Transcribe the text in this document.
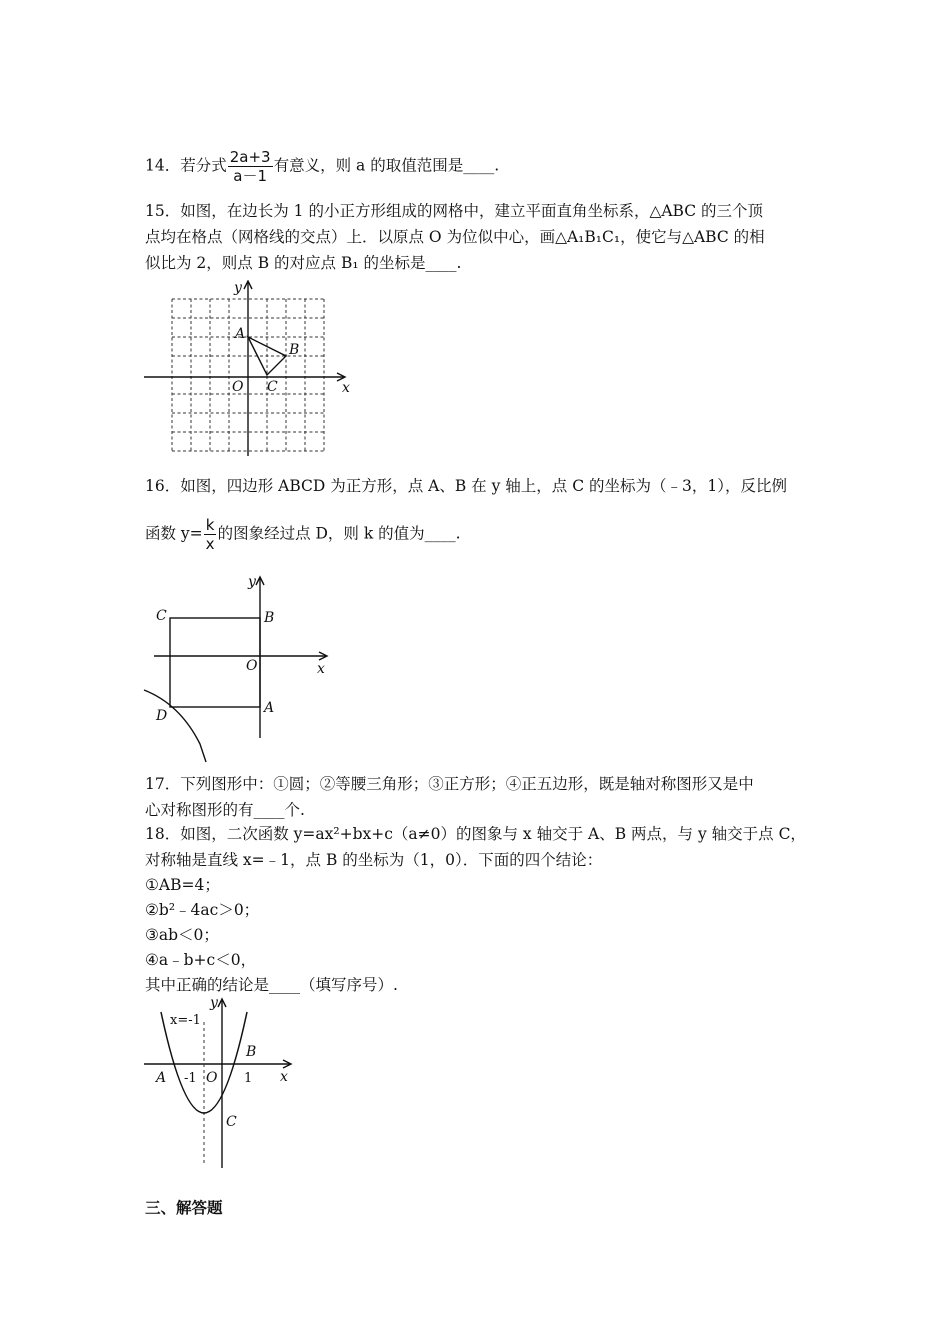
14．若分式 $\frac{2a+3}{a-1}$ 有意义，则 a 的取值范围是____.
15．如图，在边长为 1 的小正方形组成的网格中，建立平面直角坐标系，△ABC 的三个顶
点均在格点（网格线的交点）上．以原点 O 为位似中心，画△A₁B₁C₁，使它与△ABC 的相
似比为 2，则点 B 的对应点 B₁ 的坐标是____.
y
x
O
A
B
C
16．如图，四边形 ABCD 为正方形，点 A、B 在 y 轴上，点 C 的坐标为（﹣3，1），反比例
函数 $y= \frac{k}{x}$ 的图象经过点 D，则 k 的值为____.
y
x
O
C	B
A
D
17．下列图形中：①圆；②等腰三角形；③正方形；④正五边形，既是轴对称图形又是中
心对称图形的有____个.
18．如图，二次函数 y=ax²+bx+c（a≠0）的图象与 x 轴交于 A、B 两点，与 y 轴交于点 C，
对称轴是直线 x=﹣1，点 B 的坐标为（1，0）．下面的四个结论：
①AB=4；
②b²﹣4ac＞0；
③ab＜0；
④a﹣b+c＜0，
其中正确的结论是____（填写序号）.
x=-1
y
x
A -1 O 1
B
C
三、解答题
